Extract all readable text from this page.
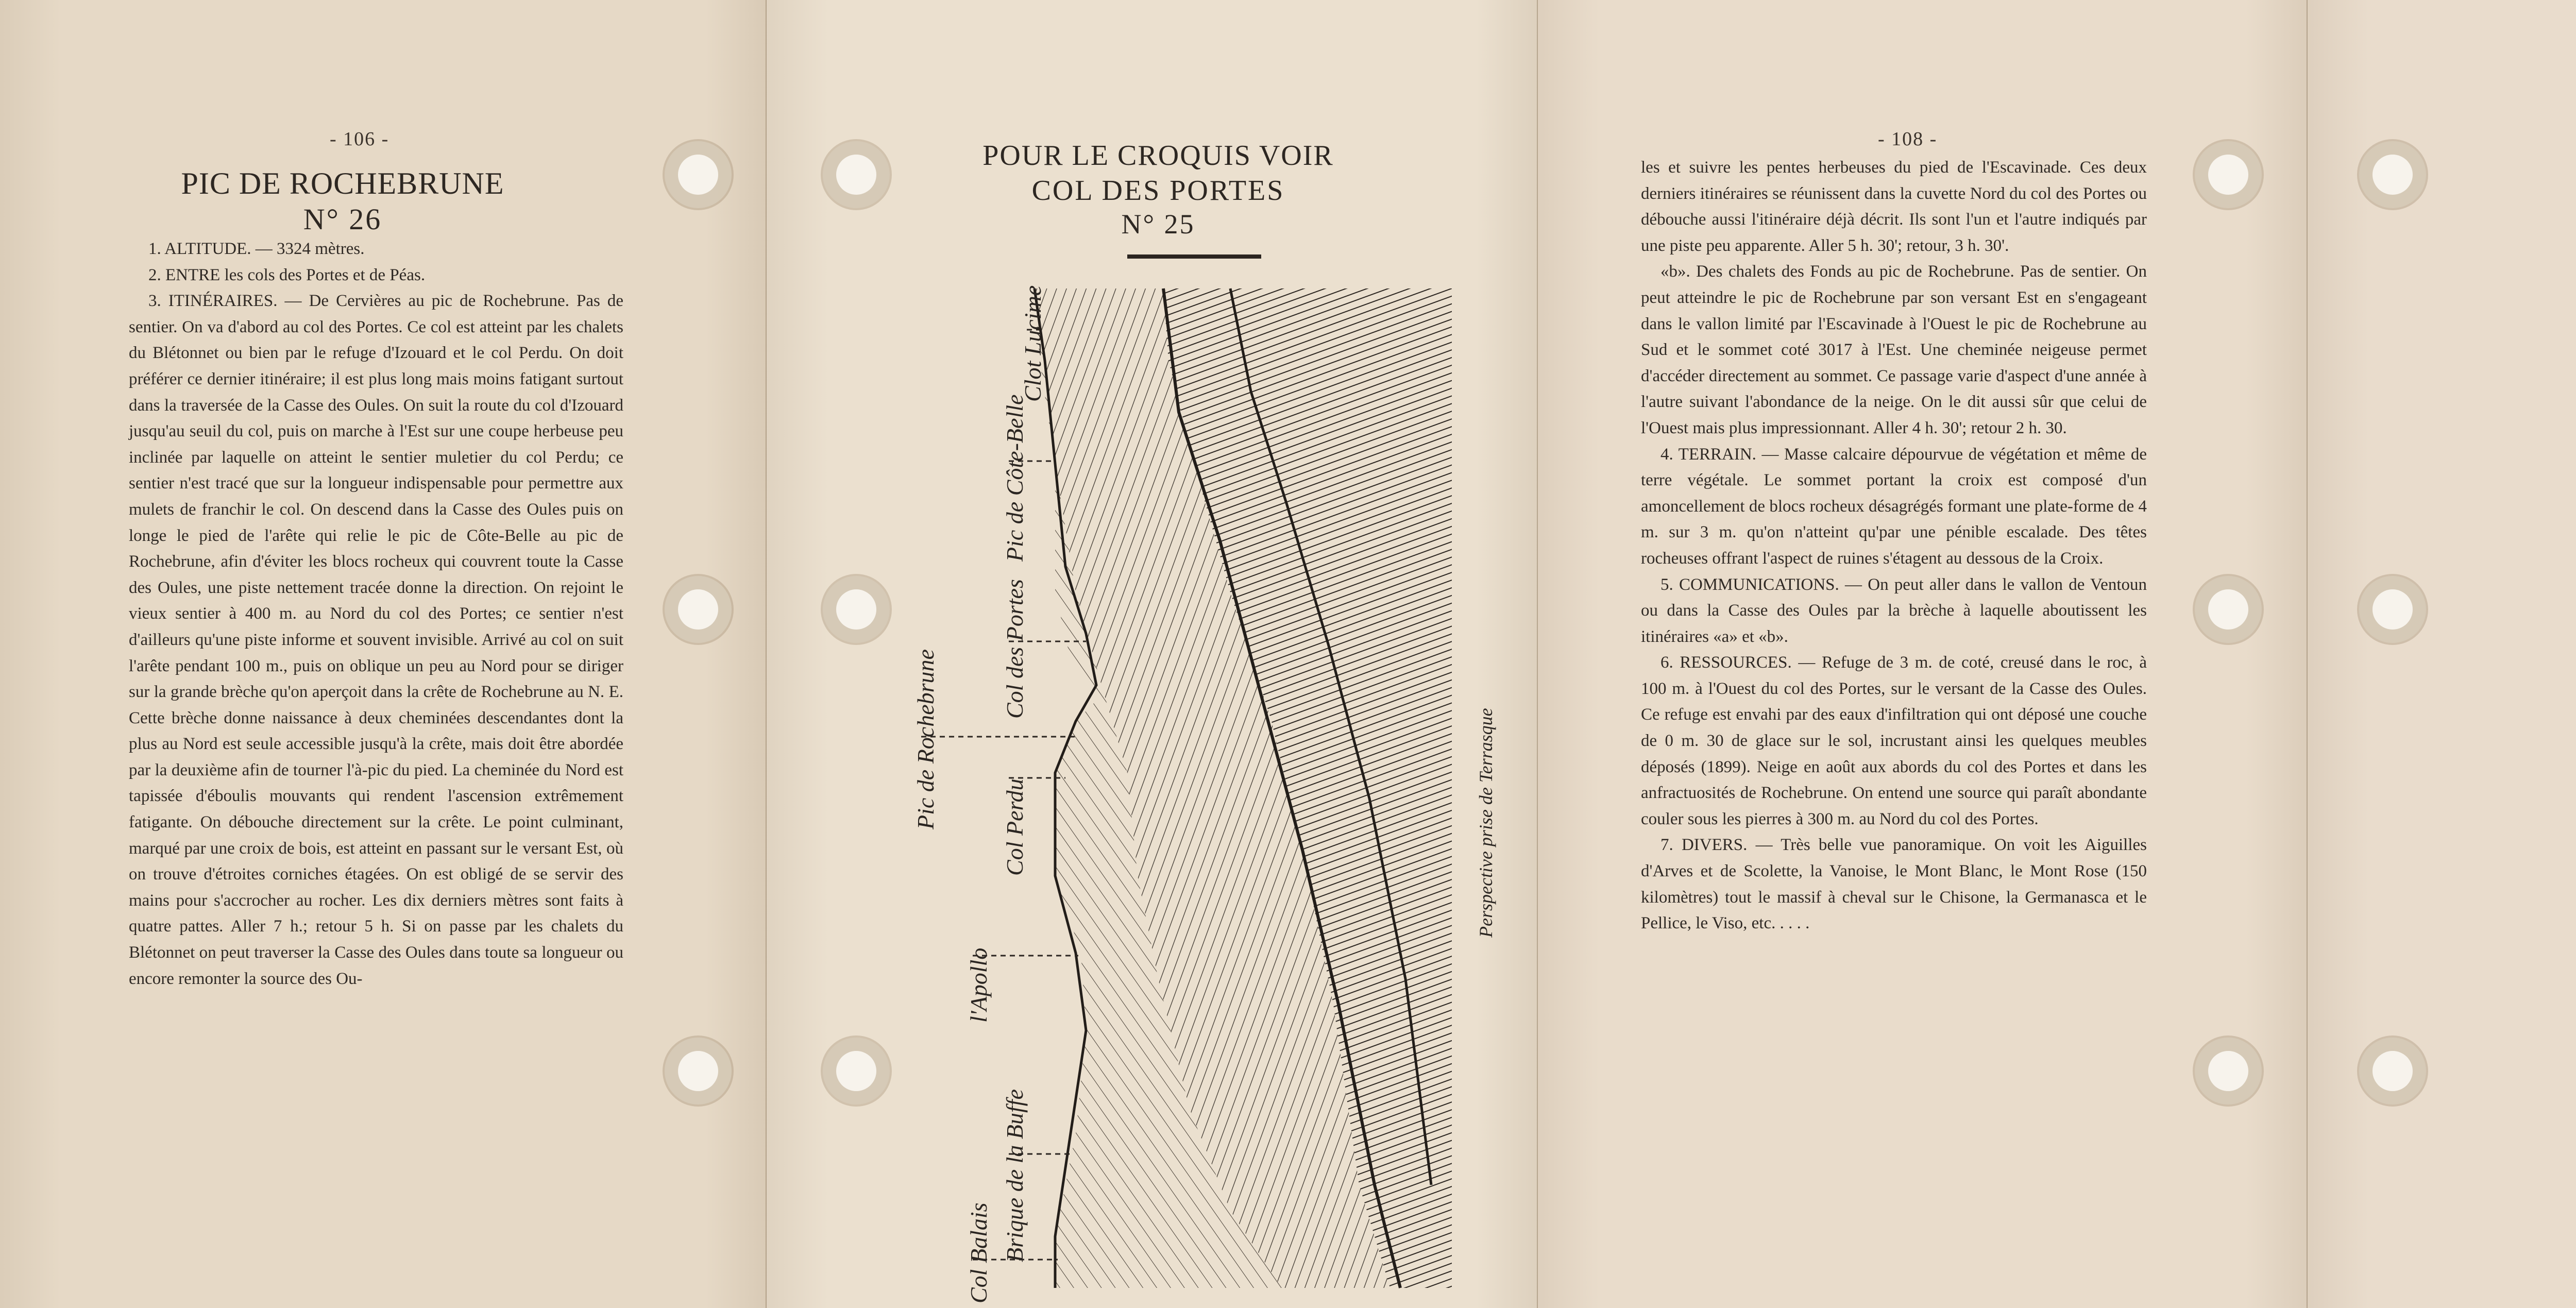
- 106 -
PIC DE ROCHEBRUNE
N° 26

1. ALTITUDE. — 3324 mètres.

2. ENTRE les cols des Portes et de Péas.

3. ITINÉRAIRES. — De Cervières au pic de Rochebrune. Pas de sentier. On va d'abord au col des Portes. Ce col est atteint par les chalets du Blétonnet ou bien par le refuge d'Izouard et le col Perdu. On doit préférer ce dernier itinéraire; il est plus long mais moins fatigant surtout dans la traversée de la Casse des Oules. On suit la route du col d'Izouard jusqu'au seuil du col, puis on marche à l'Est sur une coupe herbeuse peu inclinée par laquelle on atteint le sentier muletier du col Perdu; ce sentier n'est tracé que sur la longueur indispensable pour permettre aux mulets de franchir le col. On descend dans la Casse des Oules puis on longe le pied de l'arête qui relie le pic de Côte-Belle au pic de Rochebrune, afin d'éviter les blocs rocheux qui couvrent toute la Casse des Oules, une piste nettement tracée donne la direction. On rejoint le vieux sentier à 400 m. au Nord du col des Portes; ce sentier n'est d'ailleurs qu'une piste informe et souvent invisible. Arrivé au col on suit l'arête pendant 100 m., puis on oblique un peu au Nord pour se diriger sur la grande brèche qu'on aperçoit dans la crête de Rochebrune au N. E. Cette brèche donne naissance à deux cheminées descendantes dont la plus au Nord est seule accessible jusqu'à la crête, mais doit être abordée par la deuxième afin de tourner l'à-pic du pied. La cheminée du Nord est tapissée d'éboulis mouvants qui rendent l'ascension extrêmement fatigante. On débouche directement sur la crête. Le point culminant, marqué par une croix de bois, est atteint en passant sur le versant Est, où on trouve d'étroites corniches étagées. On est obligé de se servir des mains pour s'accrocher au rocher. Les dix derniers mètres sont faits à quatre pattes. Aller 7 h.; retour 5 h. Si on passe par les chalets du Blétonnet on peut traverser la Casse des Oules dans toute sa longueur ou encore remonter la source des Ou-

POUR LE CROQUIS VOIR
COL DES PORTES
N° 25
Clot Lucime
Pic de Côte-Belle
Col des Portes
Pic de Rochebrune	Col Perdu
l'Apollo
Brique de la Buffe
Col Balais
Perspective prise de Terrasque
- 108 -

les et suivre les pentes herbeuses du pied de l'Escavinade. Ces deux derniers itinéraires se réunissent dans la cuvette Nord du col des Portes ou débouche aussi l'itinéraire déjà décrit. Ils sont l'un et l'autre indiqués par une piste peu apparente. Aller 5 h. 30'; retour, 3 h. 30'.

«b». Des chalets des Fonds au pic de Rochebrune. Pas de sentier. On peut atteindre le pic de Rochebrune par son versant Est en s'engageant dans le vallon limité par l'Escavinade à l'Ouest le pic de Rochebrune au Sud et le sommet coté 3017 à l'Est. Une cheminée neigeuse permet d'accéder directement au sommet. Ce passage varie d'aspect d'une année à l'autre suivant l'abondance de la neige. On le dit aussi sûr que celui de l'Ouest mais plus impressionnant. Aller 4 h. 30'; retour 2 h. 30.

4. TERRAIN. — Masse calcaire dépourvue de végétation et même de terre végétale. Le sommet portant la croix est composé d'un amoncellement de blocs rocheux désagrégés formant une plate-forme de 4 m. sur 3 m. qu'on n'atteint qu'par une pénible escalade. Des têtes rocheuses offrant l'aspect de ruines s'étagent au dessous de la Croix.

5. COMMUNICATIONS. — On peut aller dans le vallon de Ventoun ou dans la Casse des Oules par la brèche à laquelle aboutissent les itinéraires «a» et «b».

6. RESSOURCES. — Refuge de 3 m. de coté, creusé dans le roc, à 100 m. à l'Ouest du col des Portes, sur le versant de la Casse des Oules. Ce refuge est envahi par des eaux d'infiltration qui ont déposé une couche de 0 m. 30 de glace sur le sol, incrustant ainsi les quelques meubles déposés (1899). Neige en août aux abords du col des Portes et dans les anfractuosités de Rochebrune. On entend une source qui paraît abondante couler sous les pierres à 300 m. au Nord du col des Portes.

7. DIVERS. — Très belle vue panoramique. On voit les Aiguilles d'Arves et de Scolette, la Vanoise, le Mont Blanc, le Mont Rose (150 kilomètres) tout le massif à cheval sur le Chisone, la Germanasca et le Pellice, le Viso, etc. . . . .
